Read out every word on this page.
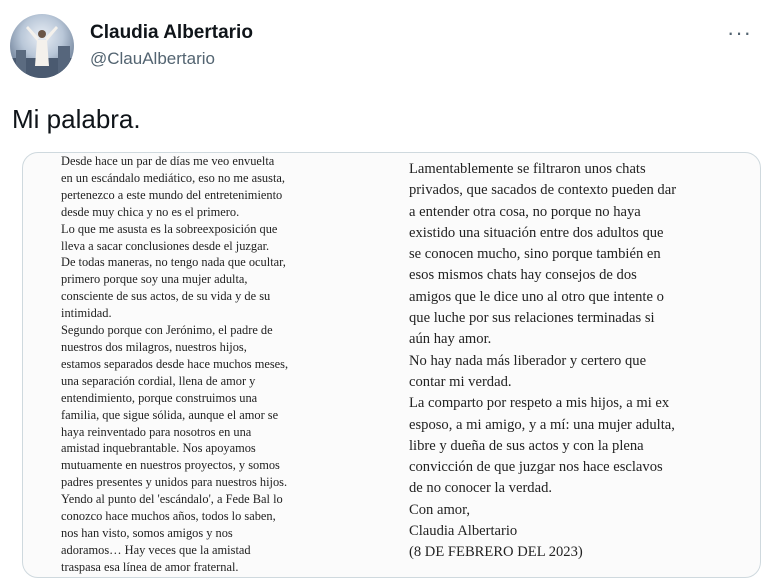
Claudia Albertario
@ClauAlbertario
···
Mi palabra.

Desde hace un par de días me veo envuelta

en un escándalo mediático, eso no me asusta,

pertenezco a este mundo del entretenimiento

desde muy chica y no es el primero.

Lo que me asusta es la sobreexposición que

lleva a sacar conclusiones desde el juzgar.

De todas maneras, no tengo nada que ocultar,

primero porque soy una mujer adulta,

consciente de sus actos, de su vida y de su

intimidad.

Segundo porque con Jerónimo, el padre de

nuestros dos milagros, nuestros hijos,

estamos separados desde hace muchos meses,

una separación cordial, llena de amor y

entendimiento, porque construimos una

familia, que sigue sólida, aunque el amor se

haya reinventado para nosotros en una

amistad inquebrantable. Nos apoyamos

mutuamente en nuestros proyectos, y somos

padres presentes y unidos para nuestros hijos.

Yendo al punto del 'escándalo', a Fede Bal lo

conozco hace muchos años, todos lo saben,

nos han visto, somos amigos y nos

adoramos… Hay veces que la amistad

traspasa esa línea de amor fraternal.

Lamentablemente se filtraron unos chats

privados, que sacados de contexto pueden dar

a entender otra cosa, no porque no haya

existido una situación entre dos adultos que

se conocen mucho, sino porque también en

esos mismos chats hay consejos de dos

amigos que le dice uno al otro que intente o

que luche por sus relaciones terminadas si

aún hay amor.

No hay nada más liberador y certero que

contar mi verdad.

La comparto por respeto a mis hijos, a mi ex

esposo, a mi amigo, y a mí: una mujer adulta,

libre y dueña de sus actos y con la plena

convicción de que juzgar nos hace esclavos

de no conocer la verdad.

Con amor,

Claudia Albertario

(8 DE FEBRERO DEL 2023)
